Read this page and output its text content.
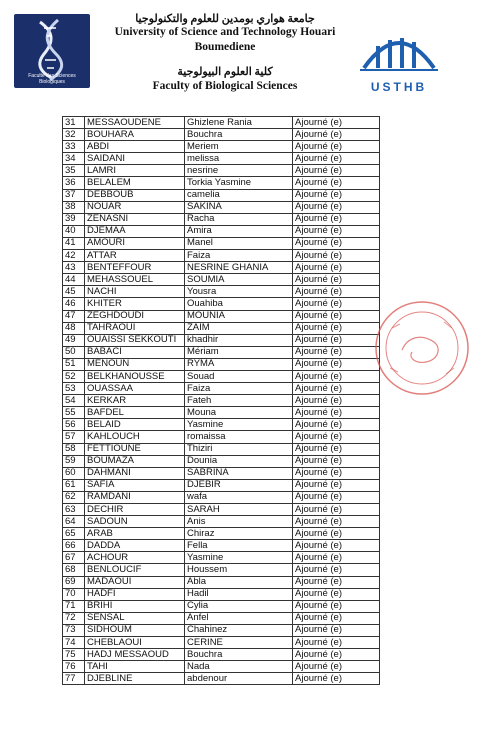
Faculté des Sciences Biologiques
جامعة هواري بومدين للعلوم والتكنولوجيا
University of Science and Technology Houari
Boumediene
كلية العلوم البيولوجية
Faculty of Biological Sciences	USTHB
31	MESSAOUDENE	Ghizlene Rania	Ajourné (e)
32	BOUHARA	Bouchra	Ajourné (e)
33	ABDI	Meriem	Ajourné (e)
34	SAIDANI	melissa	Ajourné (e)
35	LAMRI	nesrine	Ajourné (e)
36	BELALEM	Torkia Yasmine	Ajourné (e)
37	DEBBOUB	camelia	Ajourné (e)
38	NOUAR	SAKINA	Ajourné (e)
39	ZENASNI	Racha	Ajourné (e)
40	DJEMAA	Amira	Ajourné (e)
41	AMOURI	Manel	Ajourné (e)
42	ATTAR	Faiza	Ajourné (e)
43	BENTEFFOUR	NESRINE GHANIA	Ajourné (e)
44	MEHASSOUEL	SOUMIA	Ajourné (e)
45	NACHI	Yousra	Ajourné (e)
46	KHITER	Ouahiba	Ajourné (e)
47	ZEGHDOUDI	MOUNIA	Ajourné (e)
48	TAHRAOUI	ZAIM	Ajourné (e)
49	OUAISSI SEKKOUTI	khadhir	Ajourné (e)
50	BABACI	Mériam	Ajourné (e)
51	MENOUN	RYMA	Ajourné (e)
52	BELKHANOUSSE	Souad	Ajourné (e)
53	OUASSAA	Faiza	Ajourné (e)
54	KERKAR	Fateh	Ajourné (e)
55	BAFDEL	Mouna	Ajourné (e)
56	BELAID	Yasmine	Ajourné (e)
57	KAHLOUCH	romaissa	Ajourné (e)
58	FETTIOUNE	Thiziri	Ajourné (e)
59	BOUMAZA	Dounia	Ajourné (e)
60	DAHMANI	SABRINA	Ajourné (e)
61	SAFIA	DJEBIR	Ajourné (e)
62	RAMDANI	wafa	Ajourné (e)
63	DECHIR	SARAH	Ajourné (e)
64	SADOUN	Anis	Ajourné (e)
65	ARAB	Chiraz	Ajourné (e)
66	DADDA	Fella	Ajourné (e)
67	ACHOUR	Yasmine	Ajourné (e)
68	BENLOUCIF	Houssem	Ajourné (e)
69	MADAOUI	Abla	Ajourné (e)
70	HADFI	Hadil	Ajourné (e)
71	BRIHI	Cylia	Ajourné (e)
72	SENSAL	Anfel	Ajourné (e)
73	SIDHOUM	Chahinez	Ajourné (e)
74	CHEBLAOUI	CERINE	Ajourné (e)
75	HADJ MESSAOUD	Bouchra	Ajourné (e)
76	TAHI	Nada	Ajourné (e)
77	DJEBLINE	abdenour	Ajourné (e)
